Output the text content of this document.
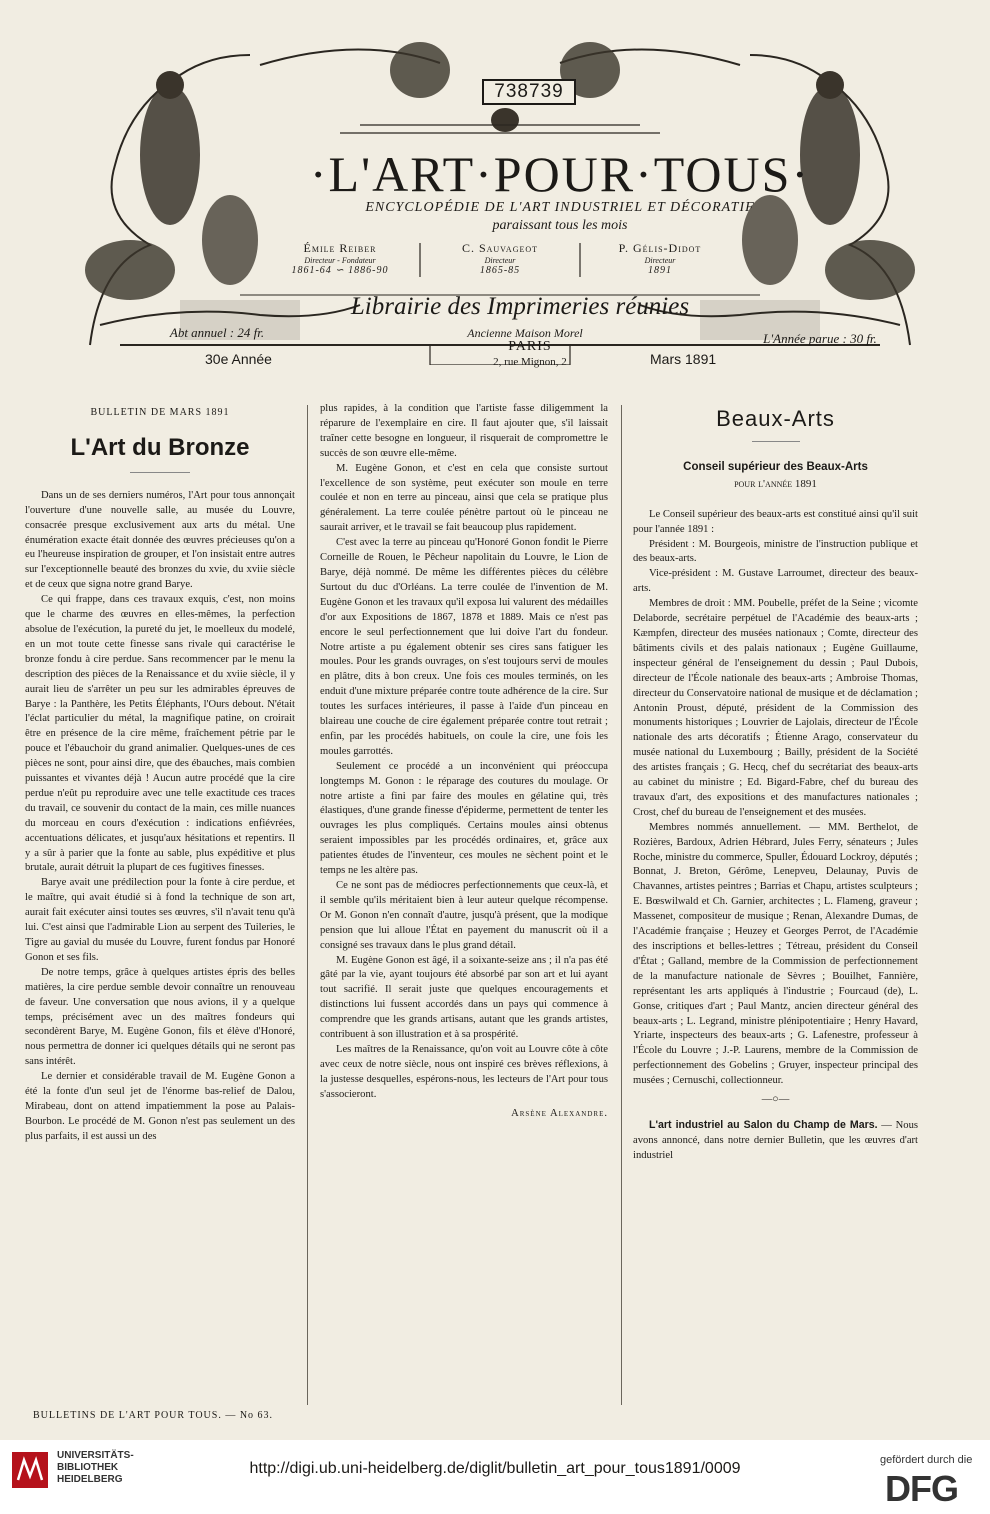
738739
·L'ART·POUR·TOUS·
ENCYCLOPÉDIE DE L'ART INDUSTRIEL ET DÉCORATIF
paraissant tous les mois
Émile Reiber
Directeur - Fondateur
1861-64 ∽ 1886-90
C. Sauvageot
Directeur
1865-85
P. Gélis-Didot
Directeur
1891
Librairie des Imprimeries réunies
Abt annuel : 24 fr.	Ancienne Maison Morel	L'Année parue : 30 fr.
PARIS
2, rue Mignon, 2
30e Année	Mars 1891
BULLETIN DE MARS 1891
L'Art du Bronze

Dans un de ses derniers numéros, l'Art pour tous annonçait l'ouverture d'une nouvelle salle, au musée du Louvre, consacrée presque exclusivement aux arts du métal. Une énumération exacte était donnée des œuvres précieuses qu'on a eu l'heureuse inspiration de grouper, et l'on insistait entre autres sur l'exceptionnelle beauté des bronzes du xvie, du xviie siècle et de ceux que signa notre grand Barye.

Ce qui frappe, dans ces travaux exquis, c'est, non moins que le charme des œuvres en elles-mêmes, la perfection absolue de l'exécution, la pureté du jet, le moelleux du modelé, en un mot toute cette finesse sans rivale qui caractérise le bronze fondu à cire perdue. Sans recommencer par le menu la description des pièces de la Renaissance et du xviie siècle, il y aurait lieu de s'arrêter un peu sur les admirables épreuves de Barye : la Panthère, les Petits Éléphants, l'Ours debout. N'était l'éclat particulier du métal, la magnifique patine, on croirait être en présence de la cire même, fraîchement pétrie par le pouce et l'ébauchoir du grand animalier. Quelques-unes de ces pièces ne sont, pour ainsi dire, que des ébauches, mais combien puissantes et vivantes déjà ! Aucun autre procédé que la cire perdue n'eût pu reproduire avec une telle exactitude ces traces du travail, ce souvenir du contact de la main, ces mille nuances du morceau en cours d'exécution : indications enfiévrées, accentuations délicates, et jusqu'aux hésitations et repentirs. Il y a sûr à parier que la fonte au sable, plus expéditive et plus brutale, aurait détruit la plupart de ces fugitives finesses.

Barye avait une prédilection pour la fonte à cire perdue, et le maître, qui avait étudié si à fond la technique de son art, aurait fait exécuter ainsi toutes ses œuvres, s'il n'avait tenu qu'à lui. C'est ainsi que l'admirable Lion au serpent des Tuileries, le Tigre au gavial du musée du Louvre, furent fondus par Honoré Gonon et ses fils.

De notre temps, grâce à quelques artistes épris des belles matières, la cire perdue semble devoir connaître un renouveau de faveur. Une conversation que nous avions, il y a quelque temps, précisément avec un des maîtres fondeurs qui secondèrent Barye, M. Eugène Gonon, fils et élève d'Honoré, nous permettra de donner ici quelques détails qui ne seront pas sans intérêt.

Le dernier et considérable travail de M. Eugène Gonon a été la fonte d'un seul jet de l'énorme bas-relief de Dalou, Mirabeau, dont on attend impatiemment la pose au Palais-Bourbon. Le procédé de M. Gonon n'est pas seulement un des plus parfaits, il est aussi un des

plus rapides, à la condition que l'artiste fasse diligemment la réparure de l'exemplaire en cire. Il faut ajouter que, s'il laissait traîner cette besogne en longueur, il risquerait de compromettre le succès de son œuvre elle-même.

M. Eugène Gonon, et c'est en cela que consiste surtout l'excellence de son système, peut exécuter son moule en terre coulée et non en terre au pinceau, ainsi que cela se pratique plus généralement. La terre coulée pénètre partout où le pinceau ne saurait arriver, et le travail se fait beaucoup plus rapidement.

C'est avec la terre au pinceau qu'Honoré Gonon fondit le Pierre Corneille de Rouen, le Pêcheur napolitain du Louvre, le Lion de Barye, déjà nommé. De même les différentes pièces du célèbre Surtout du duc d'Orléans. La terre coulée de l'invention de M. Eugène Gonon et les travaux qu'il exposa lui valurent des médailles d'or aux Expositions de 1867, 1878 et 1889. Mais ce n'est pas encore le seul perfectionnement que lui doive l'art du fondeur. Notre artiste a pu également obtenir ses cires sans fatiguer les moules. Pour les grands ouvrages, on s'est toujours servi de moules en plâtre, dits à bon creux. Une fois ces moules terminés, on les enduit d'une mixture préparée contre toute adhérence de la cire. Sur toutes les surfaces intérieures, il passe à l'aide d'un pinceau en blaireau une couche de cire également préparée contre tout retrait ; enfin, par les procédés habituels, on coule la cire, une fois les moules garrottés.

Seulement ce procédé a un inconvénient qui préoccupa longtemps M. Gonon : le réparage des coutures du moulage. Or notre artiste a fini par faire des moules en gélatine qui, très élastiques, d'une grande finesse d'épiderme, permettent de tenter les ouvrages les plus compliqués. Certains moules ainsi obtenus seraient impossibles par les procédés ordinaires, et, grâce aux patientes études de l'inventeur, ces moules ne sèchent point et le temps ne les altère pas.

Ce ne sont pas de médiocres perfectionnements que ceux-là, et il semble qu'ils méritaient bien à leur auteur quelque récompense. Or M. Gonon n'en connaît d'autre, jusqu'à présent, que la modique pension que lui alloue l'État en payement du manuscrit où il a consigné ses travaux dans le plus grand détail.

M. Eugène Gonon est âgé, il a soixante-seize ans ; il n'a pas été gâté par la vie, ayant toujours été absorbé par son art et lui ayant tout sacrifié. Il serait juste que quelques encouragements et distinctions lui fussent accordés dans un pays qui commence à comprendre que les grands artisans, autant que les grands artistes, contribuent à son illustration et à sa prospérité.

Les maîtres de la Renaissance, qu'on voit au Louvre côte à côte avec ceux de notre siècle, nous ont inspiré ces brèves réflexions, à la justesse desquelles, espérons-nous, les lecteurs de l'Art pour tous s'associeront.

Arsène Alexandre.
Beaux-Arts
Conseil supérieur des Beaux-Arts
pour l'année 1891

Le Conseil supérieur des beaux-arts est constitué ainsi qu'il suit pour l'année 1891 :

Président : M. Bourgeois, ministre de l'instruction publique et des beaux-arts.

Vice-président : M. Gustave Larroumet, directeur des beaux-arts.

Membres de droit : MM. Poubelle, préfet de la Seine ; vicomte Delaborde, secrétaire perpétuel de l'Académie des beaux-arts ; Kæmpfen, directeur des musées nationaux ; Comte, directeur des bâtiments civils et des palais nationaux ; Eugène Guillaume, inspecteur général de l'enseignement du dessin ; Paul Dubois, directeur de l'École nationale des beaux-arts ; Ambroise Thomas, directeur du Conservatoire national de musique et de déclamation ; Antonin Proust, député, président de la Commission des monuments historiques ; Louvrier de Lajolais, directeur de l'École nationale des arts décoratifs ; Étienne Arago, conservateur du musée national du Luxembourg ; Bailly, président de la Société des artistes français ; G. Hecq, chef du secrétariat des beaux-arts au cabinet du ministre ; Ed. Bigard-Fabre, chef du bureau des travaux d'art, des expositions et des manufactures nationales ; Crost, chef du bureau de l'enseignement et des musées.

Membres nommés annuellement. — MM. Berthelot, de Rozières, Bardoux, Adrien Hébrard, Jules Ferry, sénateurs ; Jules Roche, ministre du commerce, Spuller, Édouard Lockroy, députés ; Bonnat, J. Breton, Gérôme, Lenepveu, Delaunay, Puvis de Chavannes, artistes peintres ; Barrias et Chapu, artistes sculpteurs ; E. Bœswilwald et Ch. Garnier, architectes ; L. Flameng, graveur ; Massenet, compositeur de musique ; Renan, Alexandre Dumas, de l'Académie française ; Heuzey et Georges Perrot, de l'Académie des inscriptions et belles-lettres ; Tétreau, président du Conseil d'État ; Galland, membre de la Commission de perfectionnement de la manufacture nationale de Sèvres ; Bouilhet, Fannière, représentant les arts appliqués à l'industrie ; Fourcaud (de), L. Gonse, critiques d'art ; Paul Mantz, ancien directeur général des beaux-arts ; L. Legrand, ministre plénipotentiaire ; Henry Havard, Yriarte, inspecteurs des beaux-arts ; G. Lafenestre, professeur à l'École du Louvre ; J.-P. Laurens, membre de la Commission de perfectionnement des Gobelins ; Gruyer, inspecteur principal des musées ; Cernuschi, collectionneur.

—○—

L'art industriel au Salon du Champ de Mars. — Nous avons annoncé, dans notre dernier Bulletin, que les œuvres d'art industriel

BULLETINS DE L'ART POUR TOUS. — No 63.
UNIVERSITÄTS-
BIBLIOTHEK
HEIDELBERG
http://digi.ub.uni-heidelberg.de/diglit/bulletin_art_pour_tous1891/0009	gefördert durch die
DFG
